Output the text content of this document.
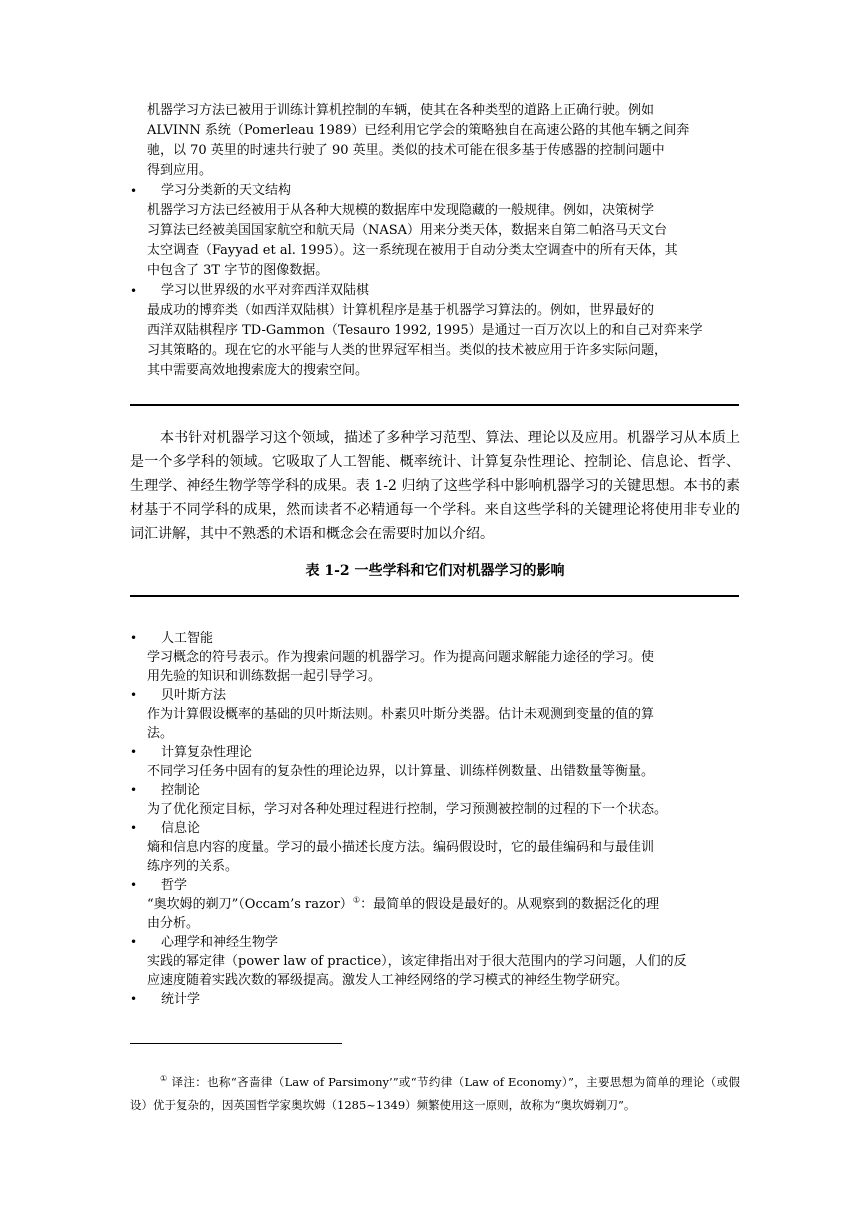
机器学习方法已被用于训练计算机控制的车辆，使其在各种类型的道路上正确行驶。例如

ALVINN 系统（Pomerleau 1989）已经利用它学会的策略独自在高速公路的其他车辆之间奔

驰，以 70 英里的时速共行驶了 90 英里。类似的技术可能在很多基于传感器的控制问题中

得到应用。

• 学习分类新的天文结构

机器学习方法已经被用于从各种大规模的数据库中发现隐藏的一般规律。例如，决策树学

习算法已经被美国国家航空和航天局（NASA）用来分类天体，数据来自第二帕洛马天文台

太空调查（Fayyad et al. 1995）。这一系统现在被用于自动分类太空调查中的所有天体，其

中包含了 3T 字节的图像数据。

• 学习以世界级的水平对弈西洋双陆棋

最成功的博弈类（如西洋双陆棋）计算机程序是基于机器学习算法的。例如，世界最好的

西洋双陆棋程序 TD-Gammon（Tesauro 1992, 1995）是通过一百万次以上的和自己对弈来学

习其策略的。现在它的水平能与人类的世界冠军相当。类似的技术被应用于许多实际问题，

其中需要高效地搜索庞大的搜索空间。

本书针对机器学习这个领域，描述了多种学习范型、算法、理论以及应用。机器学习从本质上是一个多学科的领域。它吸取了人工智能、概率统计、计算复杂性理论、控制论、信息论、哲学、生理学、神经生物学等学科的成果。表 1-2 归纳了这些学科中影响机器学习的关键思想。本书的素材基于不同学科的成果，然而读者不必精通每一个学科。来自这些学科的关键理论将使用非专业的词汇讲解，其中不熟悉的术语和概念会在需要时加以介绍。

表 1-2 一些学科和它们对机器学习的影响
• 人工智能

学习概念的符号表示。作为搜索问题的机器学习。作为提高问题求解能力途径的学习。使

用先验的知识和训练数据一起引导学习。

• 贝叶斯方法

作为计算假设概率的基础的贝叶斯法则。朴素贝叶斯分类器。估计未观测到变量的值的算

法。

• 计算复杂性理论

不同学习任务中固有的复杂性的理论边界，以计算量、训练样例数量、出错数量等衡量。

• 控制论

为了优化预定目标，学习对各种处理过程进行控制，学习预测被控制的过程的下一个状态。

• 信息论

熵和信息内容的度量。学习的最小描述长度方法。编码假设时，它的最佳编码和与最佳训

练序列的关系。

• 哲学

“奥坎姆的剃刀”（Occam’s razor）①：最简单的假设是最好的。从观察到的数据泛化的理

由分析。

• 心理学和神经生物学

实践的幂定律（power law of practice），该定律指出对于很大范围内的学习问题，人们的反

应速度随着实践次数的幂级提高。激发人工神经网络的学习模式的神经生物学研究。

• 统计学

① 译注：也称“吝啬律（Law of Parsimony’”或“节约律（Law of Economy）”，主要思想为简单的理论（或假设）优于复杂的，因英国哲学家奥坎姆（1285~1349）频繁使用这一原则，故称为“奥坎姆剃刀”。
